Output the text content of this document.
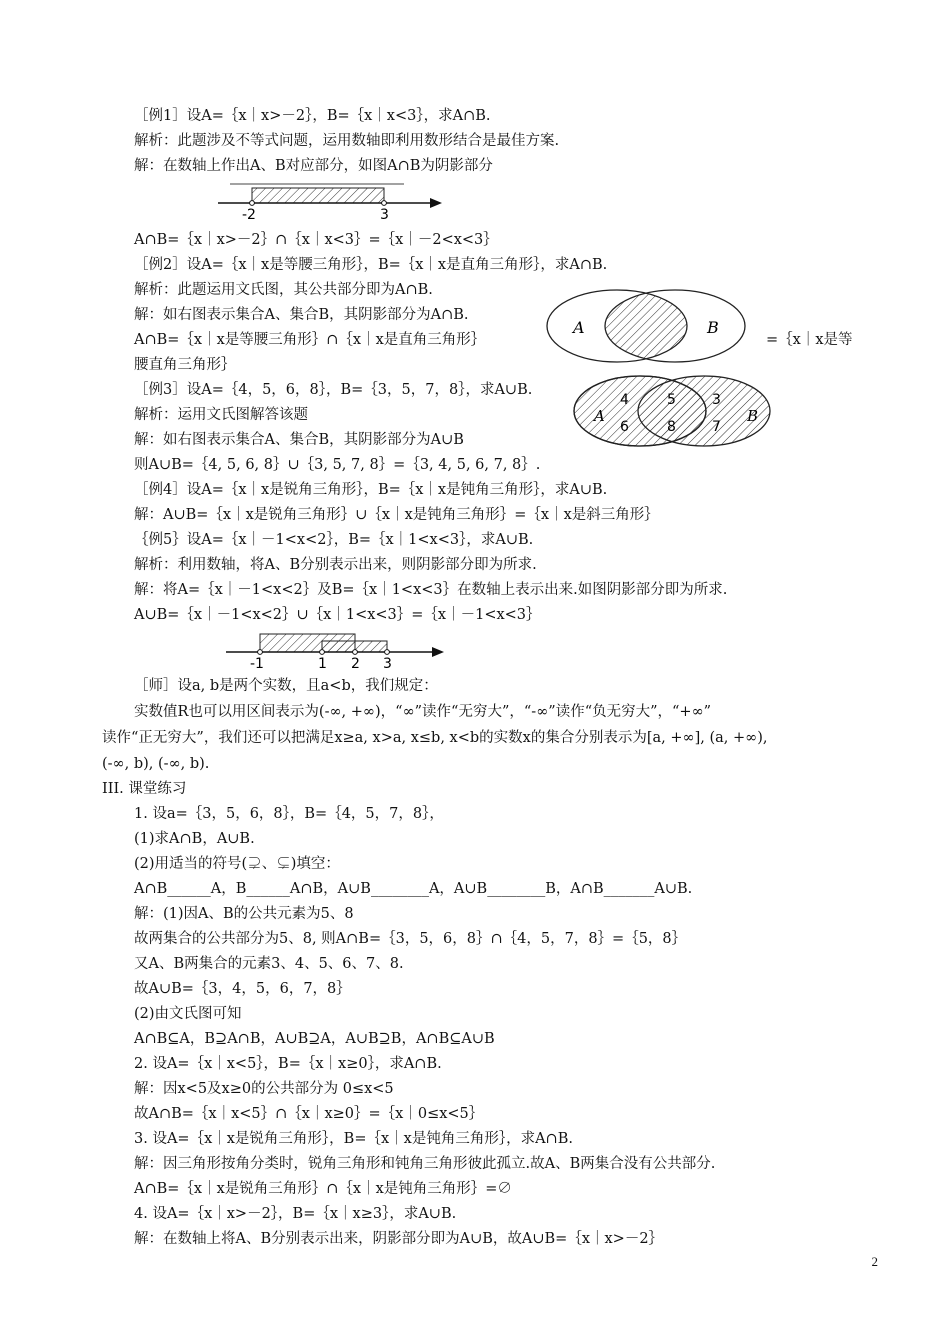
［例1］设A=｛x｜x>－2｝，B=｛x｜x<3｝，求A∩B.
解析：此题涉及不等式问题，运用数轴即利用数形结合是最佳方案.
解：在数轴上作出A、B对应部分，如图A∩B为阴影部分
-2	3
A∩B=｛x｜x>－2｝∩｛x｜x<3｝=｛x｜－2<x<3｝
［例2］设A=｛x｜x是等腰三角形｝，B=｛x｜x是直角三角形｝，求A∩B.
解析：此题运用文氏图，其公共部分即为A∩B.
解：如右图表示集合A、集合B，其阴影部分为A∩B.
A∩B=｛x｜x是等腰三角形｝∩｛x｜x是直角三角形｝	=｛x｜x是等
腰直角三角形｝
A	B
［例3］设A=｛4，5，6，8｝，B=｛3，5，7，8｝，求A∪B.
解析：运用文氏图解答该题
解：如右图表示集合A、集合B，其阴影部分为A∪B
则A∪B=｛4, 5, 6, 8｝∪｛3, 5, 7, 8｝=｛3, 4, 5, 6, 7, 8｝.
A	B
4
6
5
8
3
7
［例4］设A=｛x｜x是锐角三角形｝，B=｛x｜x是钝角三角形｝，求A∪B.
解：A∪B=｛x｜x是锐角三角形｝∪｛x｜x是钝角三角形｝=｛x｜x是斜三角形｝
｛例5｝设A=｛x｜－1<x<2｝，B=｛x｜1<x<3｝，求A∪B.
解析：利用数轴，将A、B分别表示出来，则阴影部分即为所求.
解：将A=｛x｜－1<x<2｝及B=｛x｜1<x<3｝在数轴上表示出来.如图阴影部分即为所求.
A∪B=｛x｜－1<x<2｝∪｛x｜1<x<3｝=｛x｜－1<x<3｝
-1	1 2 3
［师］设a, b是两个实数，且a<b，我们规定：
实数值R也可以用区间表示为(-∞, +∞)，“∞”读作“无穷大”，“-∞”读作“负无穷大”，“+∞”
读作“正无穷大”，我们还可以把满足x≥a, x>a, x≤b, x<b的实数x的集合分别表示为[a, +∞], (a, +∞),
(-∞, b), (-∞, b).
III. 课堂练习
1. 设a=｛3，5，6，8｝，B=｛4，5，7，8｝，
(1)求A∩B，A∪B.
(2)用适当的符号(⊋、⊊)填空：
A∩B______A，B______A∩B，A∪B________A，A∪B________B，A∩B_______A∪B.
解：(1)因A、B的公共元素为5、8
故两集合的公共部分为5、8, 则A∩B=｛3，5，6，8｝∩｛4，5，7，8｝=｛5，8｝
又A、B两集合的元素3、4、5、6、7、8.
故A∪B=｛3，4，5，6，7，8｝
(2)由文氏图可知
A∩B⊆A，B⊇A∩B，A∪B⊇A，A∪B⊇B，A∩B⊆A∪B
2. 设A=｛x｜x<5｝，B=｛x｜x≥0｝，求A∩B.
解：因x<5及x≥0的公共部分为 0≤x<5
故A∩B=｛x｜x<5｝∩｛x｜x≥0｝=｛x｜0≤x<5｝
3. 设A=｛x｜x是锐角三角形｝，B=｛x｜x是钝角三角形｝，求A∩B.
解：因三角形按角分类时，锐角三角形和钝角三角形彼此孤立.故A、B两集合没有公共部分.
A∩B=｛x｜x是锐角三角形｝∩｛x｜x是钝角三角形｝=∅
4. 设A=｛x｜x>－2｝，B=｛x｜x≥3｝，求A∪B.
解：在数轴上将A、B分别表示出来，阴影部分即为A∪B，故A∪B=｛x｜x>－2｝
2
